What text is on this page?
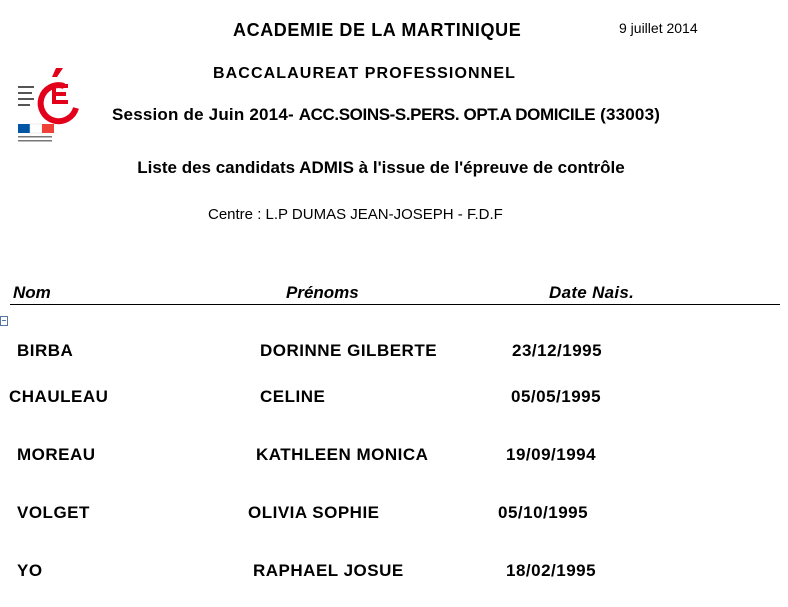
ACADEMIE DE LA MARTINIQUE	9 juillet 2014
BACCALAUREAT PROFESSIONNEL
Session de Juin 2014- ACC.SOINS-S.PERS. OPT.A DOMICILE (33003)
Liste des candidats ADMIS à l'issue de l'épreuve de contrôle
Centre : L.P DUMAS JEAN-JOSEPH - F.D.F
Nom	Prénoms	Date Nais.
BIRBA	DORINNE GILBERTE	23/12/1995
CHAULEAU	CELINE	05/05/1995
MOREAU	KATHLEEN MONICA	19/09/1994
VOLGET	OLIVIA SOPHIE	05/10/1995
YO	RAPHAEL JOSUE	18/02/1995
